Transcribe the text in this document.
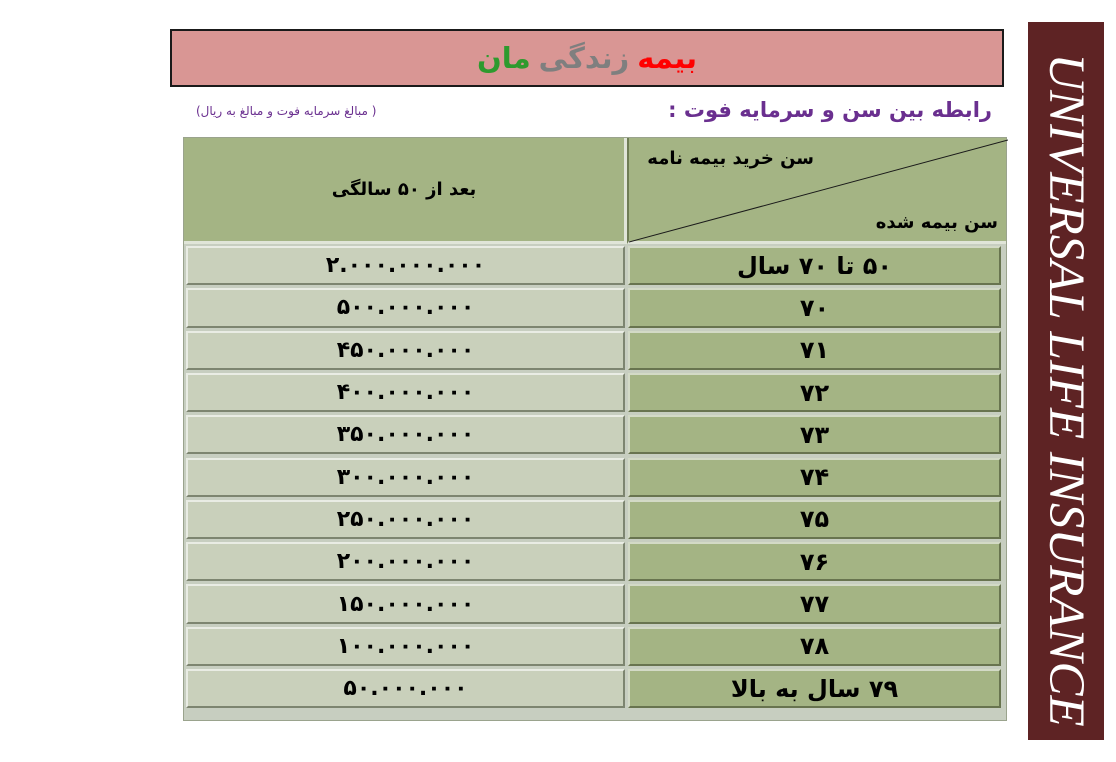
UNIVERSAL LIFE INSURANCE
بیمه
زندگی
مان
رابطه بین سن و سرمایه فوت :
( مبالغ سرمایه فوت و مبالغ به ریال)
بعد از ۵۰ سالگی
سن خرید بیمه نامه
سن بیمه شده
۲.۰۰۰.۰۰۰.۰۰۰	۵۰ تا ۷۰ سال
۵۰۰.۰۰۰.۰۰۰	۷۰
۴۵۰.۰۰۰.۰۰۰	۷۱
۴۰۰.۰۰۰.۰۰۰	۷۲
۳۵۰.۰۰۰.۰۰۰	۷۳
۳۰۰.۰۰۰.۰۰۰	۷۴
۲۵۰.۰۰۰.۰۰۰	۷۵
۲۰۰.۰۰۰.۰۰۰	۷۶
۱۵۰.۰۰۰.۰۰۰	۷۷
۱۰۰.۰۰۰.۰۰۰	۷۸
۵۰.۰۰۰.۰۰۰	۷۹ سال به بالا
